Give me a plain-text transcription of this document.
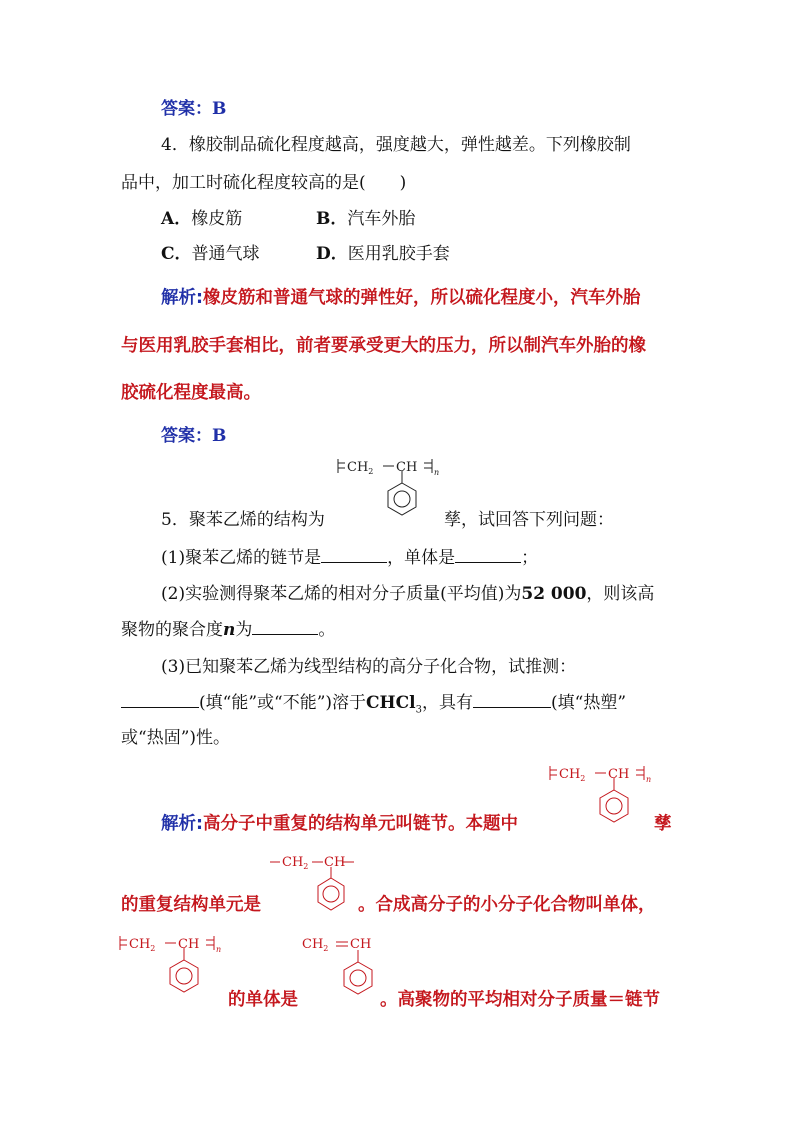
答案：B
4．橡胶制品硫化程度越高，强度越大，弹性越差。下列橡胶制
品中，加工时硫化程度较高的是(　　)
A．橡皮筋	B．汽车外胎
C．普通气球	D．医用乳胶手套
解析:橡皮筋和普通气球的弹性好，所以硫化程度小，汽车外胎
与医用乳胶手套相比，前者要承受更大的压力，所以制汽车外胎的橡
胶硫化程度最高。
答案：B
$CH_2$ CH n
5．聚苯乙烯的结构为	孳，试回答下列问题：
(1)聚苯乙烯的链节是	，单体是	；
(2)实验测得聚苯乙烯的相对分子质量(平均值)为52 000，则该高
聚物的聚合度n为	。
(3)已知聚苯乙烯为线型结构的高分子化合物，试推测：
(填“能”或“不能”)溶于CHCl$_3$，具有	(填“热塑”
或“热固”)性。
$CH_2$ CH n
解析:高分子中重复的结构单元叫链节。本题中	孳
$CH_2$ CH
的重复结构单元是	。合成高分子的小分子化合物叫单体，
$CH_2$ CH n	$CH_2$ CH
的单体是	。高聚物的平均相对分子质量＝链节
